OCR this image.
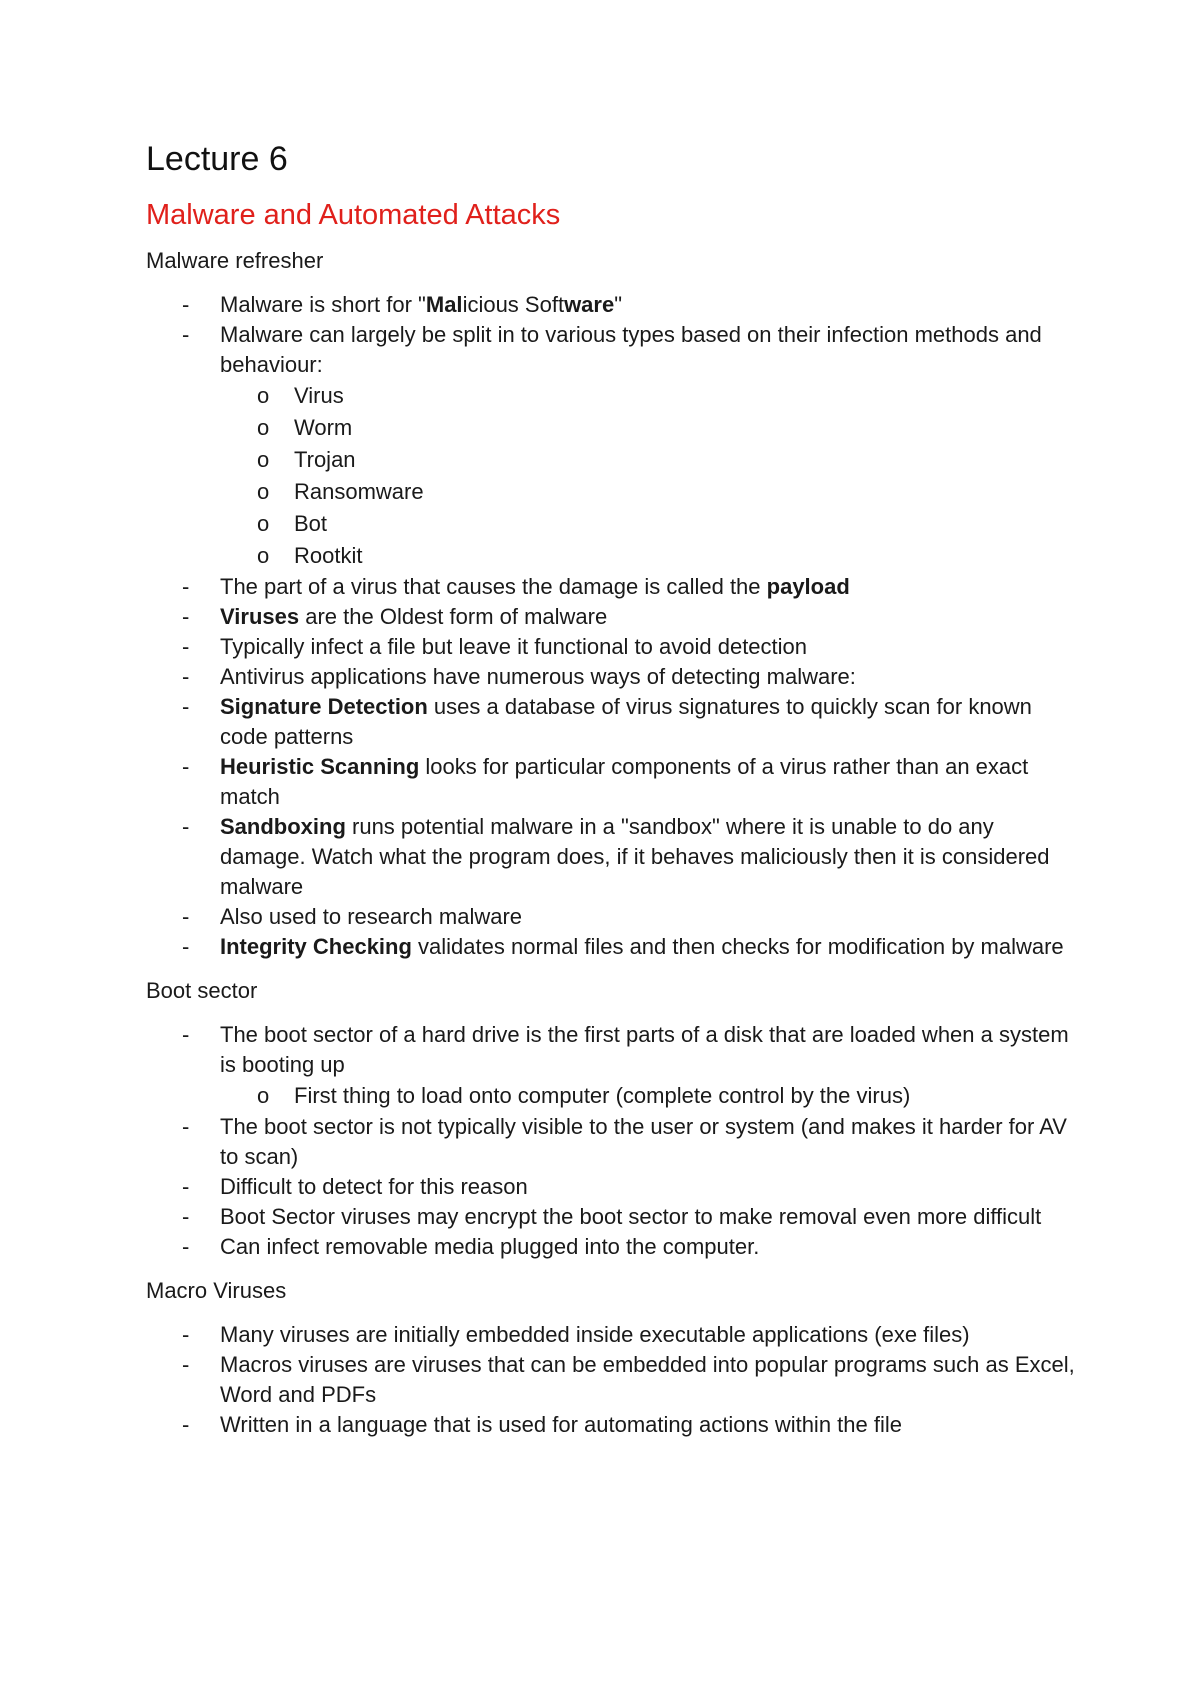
Lecture 6
Malware and Automated Attacks
Malware refresher
- Malware is short for "Malicious Software"
- Malware can largely be split in to various types based on their infection methods and behaviour:
o Virus
o Worm
o Trojan
o Ransomware
o Bot
o Rootkit
- The part of a virus that causes the damage is called the payload
- Viruses are the Oldest form of malware
- Typically infect a file but leave it functional to avoid detection
- Antivirus applications have numerous ways of detecting malware:
- Signature Detection uses a database of virus signatures to quickly scan for known code patterns
- Heuristic Scanning looks for particular components of a virus rather than an exact match
- Sandboxing runs potential malware in a "sandbox" where it is unable to do any damage. Watch what the program does, if it behaves maliciously then it is considered malware
- Also used to research malware
- Integrity Checking validates normal files and then checks for modification by malware
Boot sector
- The boot sector of a hard drive is the first parts of a disk that are loaded when a system is booting up
o First thing to load onto computer (complete control by the virus)
- The boot sector is not typically visible to the user or system (and makes it harder for AV to scan)
- Difficult to detect for this reason
- Boot Sector viruses may encrypt the boot sector to make removal even more difficult
- Can infect removable media plugged into the computer.
Macro Viruses
- Many viruses are initially embedded inside executable applications (exe files)
- Macros viruses are viruses that can be embedded into popular programs such as Excel, Word and PDFs
- Written in a language that is used for automating actions within the file
